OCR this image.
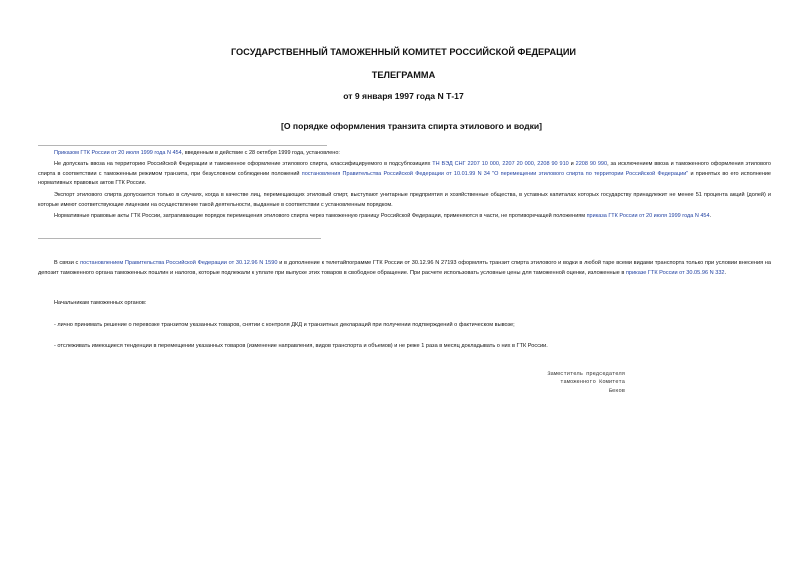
ГОСУДАРСТВЕННЫЙ ТАМОЖЕННЫЙ КОМИТЕТ РОССИЙСКОЙ ФЕДЕРАЦИИ
ТЕЛЕГРАММА
от 9 января 1997 года N Т-17
[О порядке оформления транзита спирта этилового и водки]

Приказом ГТК России от 20 июля 1999 года N 454, введенным в действие с 28 октября 1999 года, установлено:

Не допускать ввоза на территорию Российской Федерации и таможенное оформление этилового спирта, классифицируемого в подсубпозициях ТН ВЭД СНГ 2207 10 000, 2207 20 000, 2208 90 910 и 2208 90 990, за исключением ввоза и таможенного оформления этилового спирта в соответствии с таможенным режимом транзита, при безусловном соблюдении положений постановления Правительства Российской Федерации от 10.01.99 N 34 "О перемещении этилового спирта по территории Российской Федерации" и принятых во его исполнение нормативных правовых актов ГТК России.

Экспорт этилового спирта допускается только в случаях, когда в качестве лиц, перемещающих этиловый спирт, выступают унитарные предприятия и хозяйственные общества, в уставных капиталах которых государству принадлежит не менее 51 процента акций (долей) и которые имеют соответствующие лицензии на осуществление такой деятельности, выданные в соответствии с установленным порядком.

Нормативные правовые акты ГТК России, затрагивающие порядок перемещения этилового спирта через таможенную границу Российской Федерации, применяются в части, не противоречащей положениям приказа ГТК России от 20 июля 1999 года N 454.

В связи с постановлением Правительства Российской Федерации от 30.12.96 N 1590 и в дополнение к телетайпограмме ГТК России от 30.12.96 N 27193 оформлять транзит спирта этилового и водки в любой таре всеми видами транспорта только при условии внесения на депозит таможенного органа таможенных пошлин и налогов, которые подлежали к уплате при выпуске этих товаров в свободное обращение. При расчете использовать условные цены для таможенной оценки, изложенные в приказе ГТК России от 30.05.96 N 332.

Начальникам таможенных органов:

- лично принимать решение о перевозке транзитом указанных товаров, снятии с контроля ДКД и транзитных деклараций при получении подтверждений о фактическом вывозе;

- отслеживать имеющиеся тенденции в перемещении указанных товаров (изменение направления, видов транспорта и объемов) и не реже 1 раза в месяц докладывать о них в ГТК России.

Заместитель председателя
таможенного Комитета
Беков
